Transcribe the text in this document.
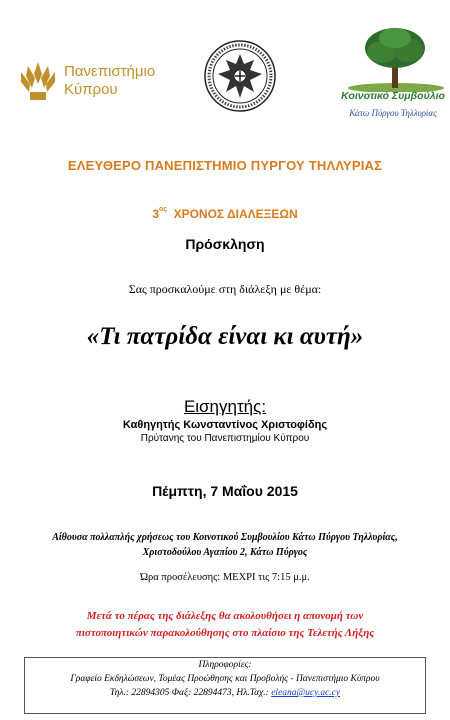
Πανεπιστήμιο
Κύπρου	Κοινοτικό Συμβούλιο
Κάτω Πύργου Τηλλυρίας
ΕΛΕΥΘΕΡΟ ΠΑΝΕΠΙΣΤΗΜΙΟ ΠΥΡΓΟΥ ΤΗΛΛΥΡΙΑΣ
$3^{o\varsigma}$ ΧΡΟΝΟΣ ΔΙΑΛΕΞΕΩΝ
Πρόσκληση
Σας προσκαλούμε στη διάλεξη με θέμα:
«Τι πατρίδα είναι κι αυτή»
Εισηγητής:
Καθηγητής Κωνσταντίνος Χριστοφίδης
Πρύτανης του Πανεπιστημίου Κύπρου
Πέμπτη, 7 Μαΐου 2015
Αίθουσα πολλαπλής χρήσεως του Κοινοτικού Συμβουλίου Κάτω Πύργου Τηλλυρίας,
Χριστοδούλου Αγαπίου 2, Κάτω Πύργος
Ώρα προσέλευσης: ΜΕΧΡΙ τις 7:15 μ.μ.
Μετά το πέρας της διάλεξης θα ακολουθήσει η απονομή των
πιστοποιητικών παρακολούθησης στο πλαίσιο της Τελετής Λήξης
Πληροφορίες:
Γραφείο Εκδηλώσεων, Τομέας Προώθησης και Προβολής - Πανεπιστήμιο Κύπρου
Τηλ.: 22894305 Φαξ: 22894473, Ηλ.Ταχ.: eleana@ucy.ac.cy
